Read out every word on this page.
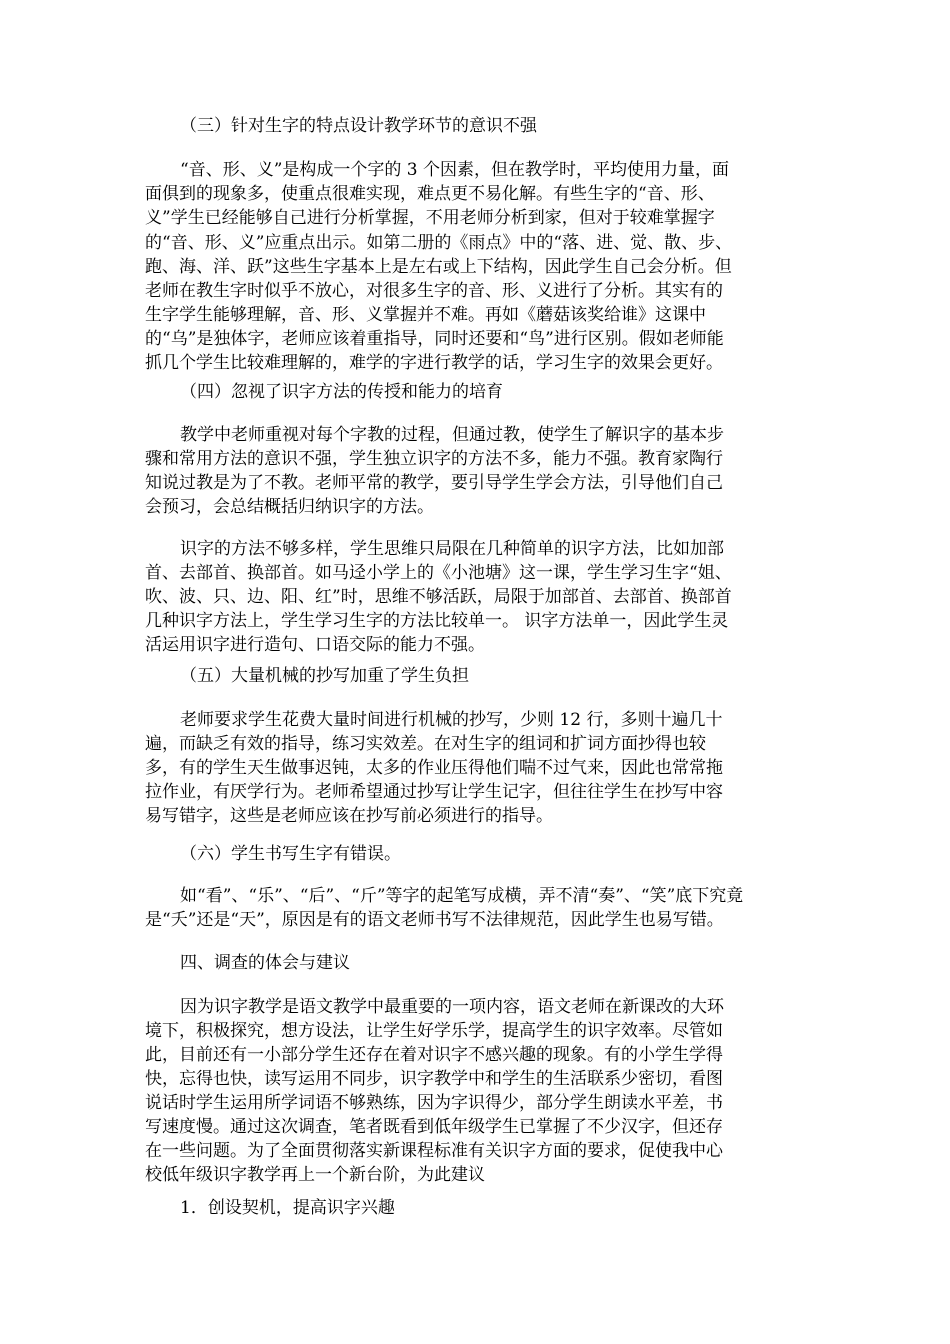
（三）针对生字的特点设计教学环节的意识不强
“音、形、义”是构成一个字的 3 个因素，但在教学时，平均使用力量，面
面俱到的现象多，使重点很难实现，难点更不易化解。有些生字的“音、形、
义”学生已经能够自己进行分析掌握，不用老师分析到家，但对于较难掌握字
的“音、形、义”应重点出示。如第二册的《雨点》中的“落、进、觉、散、步、
跑、海、洋、跃”这些生字基本上是左右或上下结构，因此学生自己会分析。但
老师在教生字时似乎不放心，对很多生字的音、形、义进行了分析。其实有的
生字学生能够理解，音、形、义掌握并不难。再如《蘑菇该奖给谁》这课中
的“乌”是独体字，老师应该着重指导，同时还要和“鸟”进行区别。假如老师能
抓几个学生比较难理解的，难学的字进行教学的话，学习生字的效果会更好。
（四）忽视了识字方法的传授和能力的培育
教学中老师重视对每个字教的过程，但通过教，使学生了解识字的基本步
骤和常用方法的意识不强，学生独立识字的方法不多，能力不强。教育家陶行
知说过教是为了不教。老师平常的教学，要引导学生学会方法，引导他们自己
会预习，会总结概括归纳识字的方法。
识字的方法不够多样，学生思维只局限在几种简单的识字方法，比如加部
首、去部首、换部首。如马迳小学上的《小池塘》这一课，学生学习生字“姐、
吹、波、只、边、阳、红”时，思维不够活跃，局限于加部首、去部首、换部首
几种识字方法上，学生学习生字的方法比较单一。 识字方法单一，因此学生灵
活运用识字进行造句、口语交际的能力不强。
（五）大量机械的抄写加重了学生负担
老师要求学生花费大量时间进行机械的抄写，少则 12 行，多则十遍几十
遍，而缺乏有效的指导，练习实效差。在对生字的组词和扩词方面抄得也较
多，有的学生天生做事迟钝，太多的作业压得他们喘不过气来，因此也常常拖
拉作业，有厌学行为。老师希望通过抄写让学生记字，但往往学生在抄写中容
易写错字，这些是老师应该在抄写前必须进行的指导。
（六）学生书写生字有错误。
如“看”、“乐”、“后”、“斤”等字的起笔写成横，弄不清“奏”、“笑”底下究竟
是“夭”还是“天”，原因是有的语文老师书写不法律规范，因此学生也易写错。
四、调查的体会与建议
因为识字教学是语文教学中最重要的一项内容，语文老师在新课改的大环
境下，积极探究，想方设法，让学生好学乐学，提高学生的识字效率。尽管如
此，目前还有一小部分学生还存在着对识字不感兴趣的现象。有的小学生学得
快，忘得也快，读写运用不同步，识字教学中和学生的生活联系少密切，看图
说话时学生运用所学词语不够熟练，因为字识得少，部分学生朗读水平差，书
写速度慢。通过这次调查，笔者既看到低年级学生已掌握了不少汉字，但还存
在一些问题。为了全面贯彻落实新课程标准有关识字方面的要求，促使我中心
校低年级识字教学再上一个新台阶，为此建议
1．创设契机，提高识字兴趣
